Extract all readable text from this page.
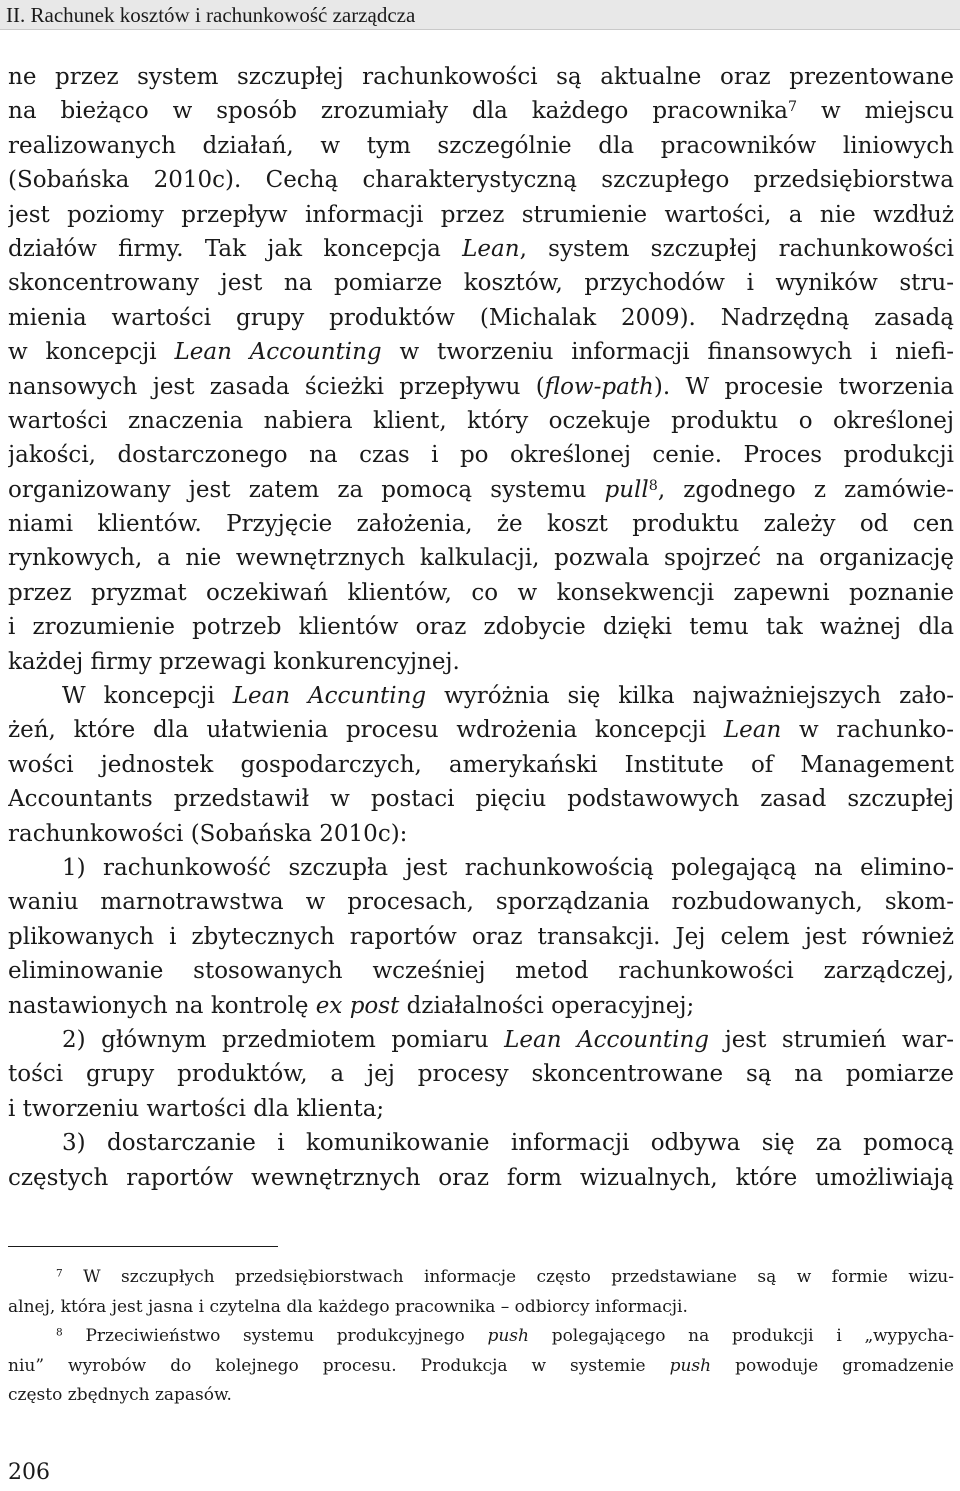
II. Rachunek kosztów i rachunkowość zarządcza
ne przez system szczupłej rachunkowości są aktualne oraz prezentowane
na bieżąco w sposób zrozumiały dla każdego pracownika$^7$ w miejscu
realizowanych działań, w tym szczególnie dla pracowników liniowych
(Sobańska 2010c). Cechą charakterystyczną szczupłego przedsiębiorstwa
jest poziomy przepływ informacji przez strumienie wartości, a nie wzdłuż
działów firmy. Tak jak koncepcja Lean, system szczupłej rachunkowości
skoncentrowany jest na pomiarze kosztów, przychodów i wyników stru-
mienia wartości grupy produktów (Michalak 2009). Nadrzędną zasadą
w koncepcji Lean Accounting w tworzeniu informacji finansowych i niefi-
nansowych jest zasada ścieżki przepływu (flow-path). W procesie tworzenia
wartości znaczenia nabiera klient, który oczekuje produktu o określonej
jakości, dostarczonego na czas i po określonej cenie. Proces produkcji
organizowany jest zatem za pomocą systemu pull$^8$, zgodnego z zamówie-
niami klientów. Przyjęcie założenia, że koszt produktu zależy od cen
rynkowych, a nie wewnętrznych kalkulacji, pozwala spojrzeć na organizację
przez pryzmat oczekiwań klientów, co w konsekwencji zapewni poznanie
i zrozumienie potrzeb klientów oraz zdobycie dzięki temu tak ważnej dla
każdej firmy przewagi konkurencyjnej.
W koncepcji Lean Accunting wyróżnia się kilka najważniejszych zało-
żeń, które dla ułatwienia procesu wdrożenia koncepcji Lean w rachunko-
wości jednostek gospodarczych, amerykański Institute of Management
Accountants przedstawił w postaci pięciu podstawowych zasad szczupłej
rachunkowości (Sobańska 2010c):
1) rachunkowość szczupła jest rachunkowością polegającą na elimino-
waniu marnotrawstwa w procesach, sporządzania rozbudowanych, skom-
plikowanych i zbytecznych raportów oraz transakcji. Jej celem jest również
eliminowanie stosowanych wcześniej metod rachunkowości zarządczej,
nastawionych na kontrolę ex post działalności operacyjnej;
2) głównym przedmiotem pomiaru Lean Accounting jest strumień war-
tości grupy produktów, a jej procesy skoncentrowane są na pomiarze
i tworzeniu wartości dla klienta;
3) dostarczanie i komunikowanie informacji odbywa się za pomocą
częstych raportów wewnętrznych oraz form wizualnych, które umożliwiają
$^7$ W szczupłych przedsiębiorstwach informacje często przedstawiane są w formie wizu-
alnej, która jest jasna i czytelna dla każdego pracownika – odbiorcy informacji.
$^8$ Przeciwieństwo systemu produkcyjnego push polegającego na produkcji i „wypycha-
niu” wyrobów do kolejnego procesu. Produkcja w systemie push powoduje gromadzenie
często zbędnych zapasów.
206
